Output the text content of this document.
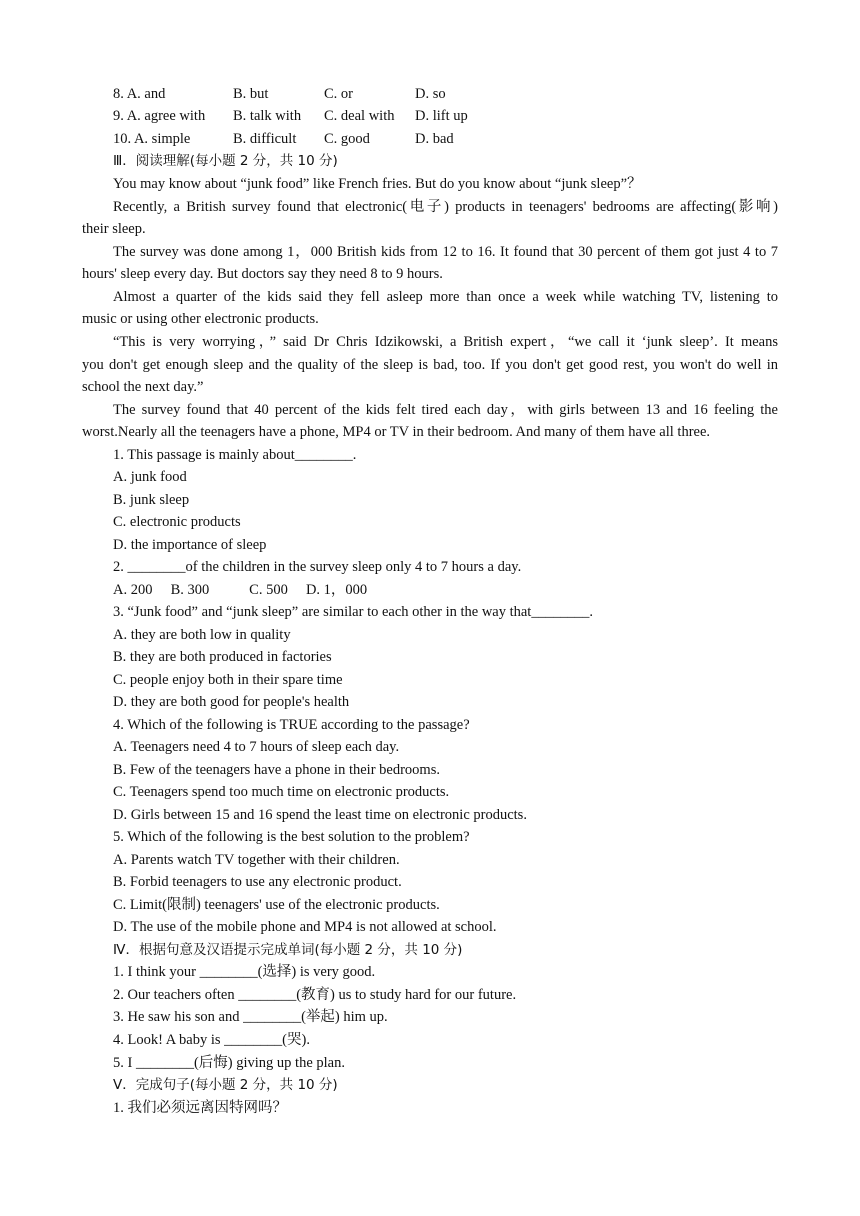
8. A. and	B. but	C. or	D. so
9. A. agree with B. talk with C. deal with D. lift up
10. A. simple	B. difficult C. good	D. bad
Ⅲ．阅读理解(每小题 2 分，共 10 分)
You may know about “junk food” like French fries. But do you know about “junk sleep”？
Recently, a British survey found that electronic(电子) products in teenagers' bedrooms are affecting(影响)
their sleep.
The survey was done among 1，000 British kids from 12 to 16. It found that 30 percent of them got just 4 to 7
hours' sleep every day. But doctors say they need 8 to 9 hours.
Almost a quarter of the kids said they fell asleep more than once a week while watching TV, listening to
music or using other electronic products.
“This is very worrying，” said Dr Chris Idzikowski, a British expert，“we call it ‘junk sleep’. It means
you don't get enough sleep and the quality of the sleep is bad, too. If you don't get good rest, you won't do well in
school the next day.”
The survey found that 40 percent of the kids felt tired each day，with girls between 13 and 16 feeling the
worst.Nearly all the teenagers have a phone, MP4 or TV in their bedroom. And many of them have all three.
1. This passage is mainly about________.
A. junk food
B. junk sleep
C. electronic products
D. the importance of sleep
2. ________of the children in the survey sleep only 4 to 7 hours a day.
A. 200     B. 300           C. 500     D. 1，000
3. “Junk food” and “junk sleep” are similar to each other in the way that________.
A. they are both low in quality
B. they are both produced in factories
C. people enjoy both in their spare time
D. they are both good for people's health
4. Which of the following is TRUE according to the passage?
A. Teenagers need 4 to 7 hours of sleep each day.
B. Few of the teenagers have a phone in their bedrooms.
C. Teenagers spend too much time on electronic products.
D. Girls between 15 and 16 spend the least time on electronic products.
5. Which of the following is the best solution to the problem?
A. Parents watch TV together with their children.
B. Forbid teenagers to use any electronic product.
C. Limit(限制) teenagers' use of the electronic products.
D. The use of the mobile phone and MP4 is not allowed at school.
Ⅳ．根据句意及汉语提示完成单词(每小题 2 分，共 10 分)
1. I think your ________(选择) is very good.
2. Our teachers often ________(教育) us to study hard for our future.
3. He saw his son and ________(举起) him up.
4. Look! A baby is ________(哭).
5. I ________(后悔) giving up the plan.
Ⅴ．完成句子(每小题 2 分，共 10 分)
1. 我们必须远离因特网吗？
